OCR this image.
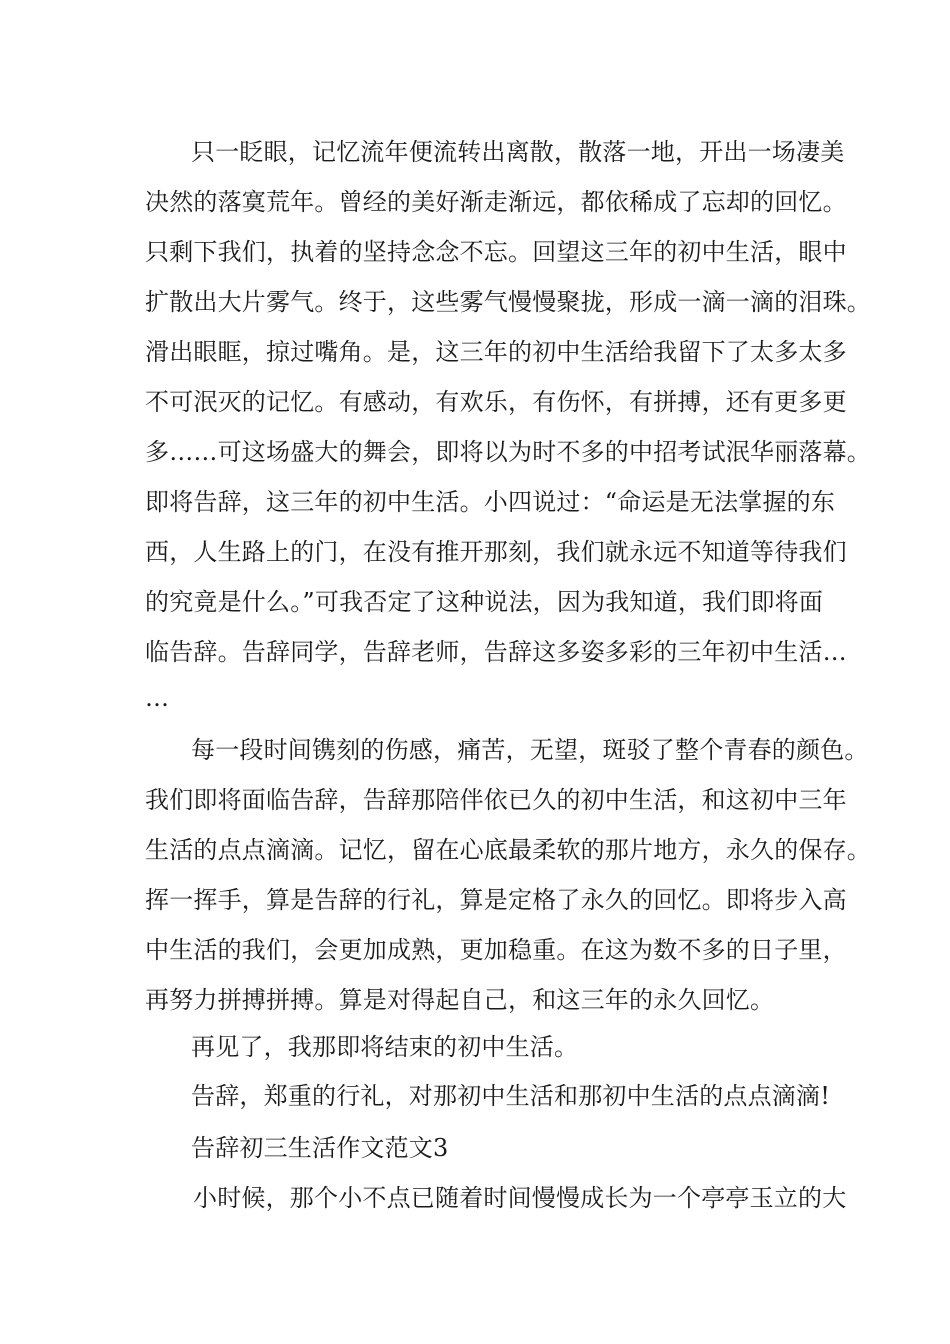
只一眨眼，记忆流年便流转出离散，散落一地，开出一场凄美
决然的落寞荒年。曾经的美好渐走渐远，都依稀成了忘却的回忆。
只剩下我们，执着的坚持念念不忘。回望这三年的初中生活，眼中
扩散出大片雾气。终于，这些雾气慢慢聚拢，形成一滴一滴的泪珠。
滑出眼眶，掠过嘴角。是，这三年的初中生活给我留下了太多太多
不可泯灭的记忆。有感动，有欢乐，有伤怀，有拼搏，还有更多更
多……可这场盛大的舞会，即将以为时不多的中招考试泯华丽落幕。
即将告辞，这三年的初中生活。小四说过：“命运是无法掌握的东
西，人生路上的门，在没有推开那刻，我们就永远不知道等待我们
的究竟是什么。”可我否定了这种说法，因为我知道，我们即将面
临告辞。告辞同学，告辞老师，告辞这多姿多彩的三年初中生活…
…
每一段时间镌刻的伤感，痛苦，无望，斑驳了整个青春的颜色。
我们即将面临告辞，告辞那陪伴依已久的初中生活，和这初中三年
生活的点点滴滴。记忆，留在心底最柔软的那片地方，永久的保存。
挥一挥手，算是告辞的行礼，算是定格了永久的回忆。即将步入高
中生活的我们，会更加成熟，更加稳重。在这为数不多的日子里，
再努力拼搏拼搏。算是对得起自己，和这三年的永久回忆。
再见了，我那即将结束的初中生活。
告辞，郑重的行礼，对那初中生活和那初中生活的点点滴滴!
告辞初三生活作文范文3
小时候，那个小不点已随着时间慢慢成长为一个亭亭玉立的大
